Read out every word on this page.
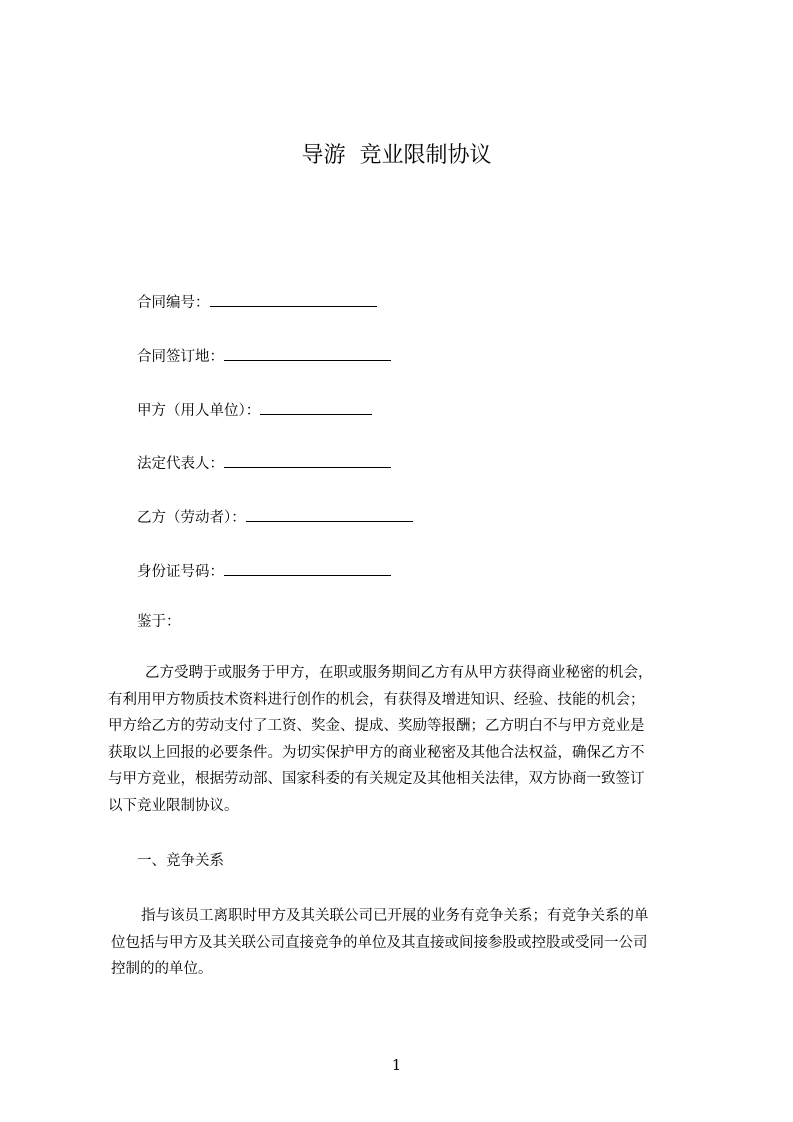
导游  竞业限制协议
合同编号：
合同签订地：
甲方（用人单位）：
法定代表人：
乙方（劳动者）：
身份证号码：
鉴于：
乙方受聘于或服务于甲方，在职或服务期间乙方有从甲方获得商业秘密的机会，
有利用甲方物质技术资料进行创作的机会，有获得及增进知识、经验、技能的机会；
甲方给乙方的劳动支付了工资、奖金、提成、奖励等报酬；乙方明白不与甲方竞业是
获取以上回报的必要条件。为切实保护甲方的商业秘密及其他合法权益，确保乙方不
与甲方竞业，根据劳动部、国家科委的有关规定及其他相关法律，双方协商一致签订
以下竞业限制协议。
一、竞争关系
指与该员工离职时甲方及其关联公司已开展的业务有竞争关系；有竞争关系的单
位包括与甲方及其关联公司直接竞争的单位及其直接或间接参股或控股或受同一公司
控制的的单位。
1
